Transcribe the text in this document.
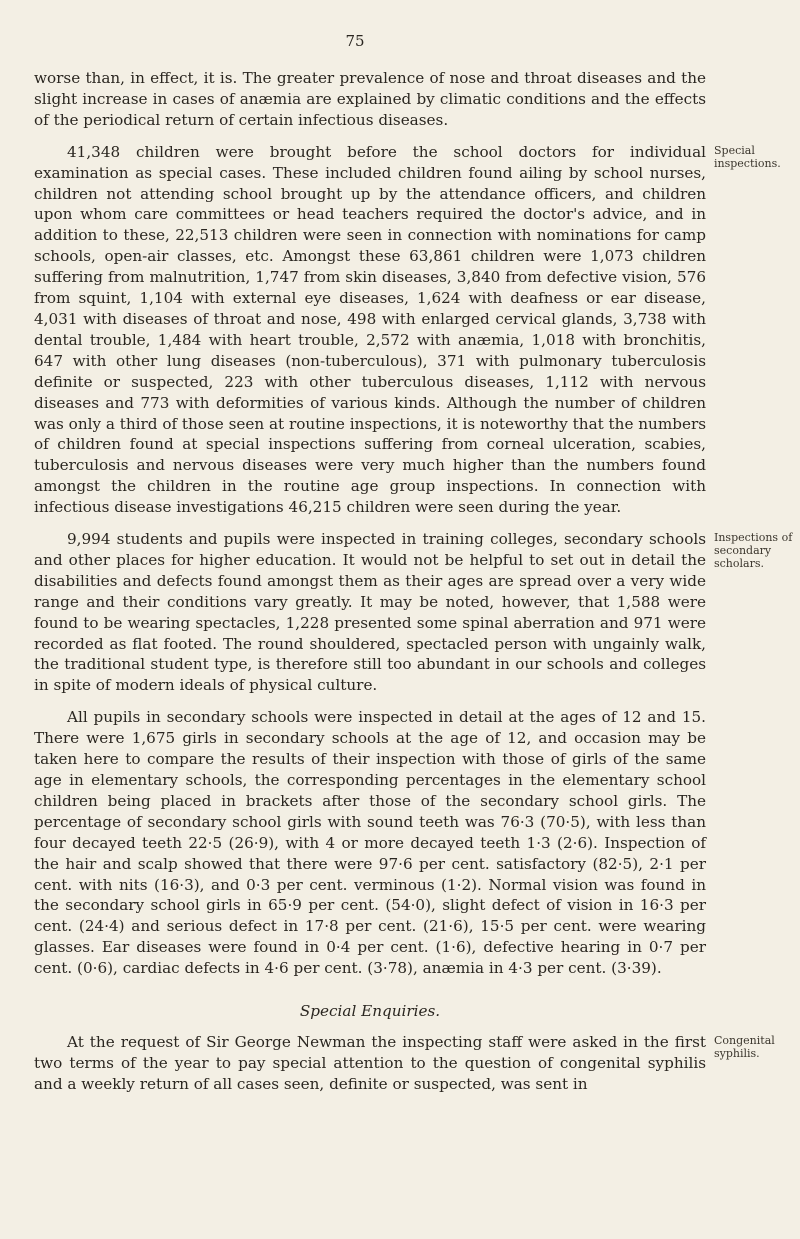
75

worse than, in effect, it is. The greater prevalence of nose and throat diseases and the slight increase in cases of anæmia are explained by climatic conditions and the effects of the periodical return of certain infectious diseases.

41,348 children were brought before the school doctors for individual examination as special cases. These included children found ailing by school nurses, children not attending school brought up by the attendance officers, and children upon whom care committees or head teachers required the doctor's advice, and in addition to these, 22,513 children were seen in connection with nominations for camp schools, open-air classes, etc. Amongst these 63,861 children were 1,073 children suffering from malnutrition, 1,747 from skin diseases, 3,840 from defective vision, 576 from squint, 1,104 with external eye diseases, 1,624 with deafness or ear disease, 4,031 with diseases of throat and nose, 498 with enlarged cervical glands, 3,738 with dental trouble, 1,484 with heart trouble, 2,572 with anæmia, 1,018 with bronchitis, 647 with other lung diseases (non-tuberculous), 371 with pulmonary tuberculosis definite or suspected, 223 with other tuberculous diseases, 1,112 with nervous diseases and 773 with deformities of various kinds. Although the number of children was only a third of those seen at routine inspections, it is noteworthy that the numbers of children found at special inspections suffering from corneal ulceration, scabies, tuberculosis and nervous diseases were very much higher than the numbers found amongst the children in the routine age group inspections. In connection with infectious disease investigations 46,215 children were seen during the year.
Special inspections.

9,994 students and pupils were inspected in training colleges, secondary schools and other places for higher education. It would not be helpful to set out in detail the disabilities and defects found amongst them as their ages are spread over a very wide range and their conditions vary greatly. It may be noted, however, that 1,588 were found to be wearing spectacles, 1,228 presented some spinal aberration and 971 were recorded as flat footed. The round shouldered, spectacled person with ungainly walk, the traditional student type, is therefore still too abundant in our schools and colleges in spite of modern ideals of physical culture.
Inspections of secondary scholars.

All pupils in secondary schools were inspected in detail at the ages of 12 and 15. There were 1,675 girls in secondary schools at the age of 12, and occasion may be taken here to compare the results of their inspection with those of girls of the same age in elementary schools, the corresponding percentages in the elementary school children being placed in brackets after those of the secondary school girls. The percentage of secondary school girls with sound teeth was 76·3 (70·5), with less than four decayed teeth 22·5 (26·9), with 4 or more decayed teeth 1·3 (2·6). Inspection of the hair and scalp showed that there were 97·6 per cent. satisfactory (82·5), 2·1 per cent. with nits (16·3), and 0·3 per cent. verminous (1·2). Normal vision was found in the secondary school girls in 65·9 per cent. (54·0), slight defect of vision in 16·3 per cent. (24·4) and serious defect in 17·8 per cent. (21·6), 15·5 per cent. were wearing glasses. Ear diseases were found in 0·4 per cent. (1·6), defective hearing in 0·7 per cent. (0·6), cardiac defects in 4·6 per cent. (3·78), anæmia in 4·3 per cent. (3·39).

Special Enquiries.

At the request of Sir George Newman the inspecting staff were asked in the first two terms of the year to pay special attention to the question of congenital syphilis and a weekly return of all cases seen, definite or suspected, was sent in
Congenital syphilis.
